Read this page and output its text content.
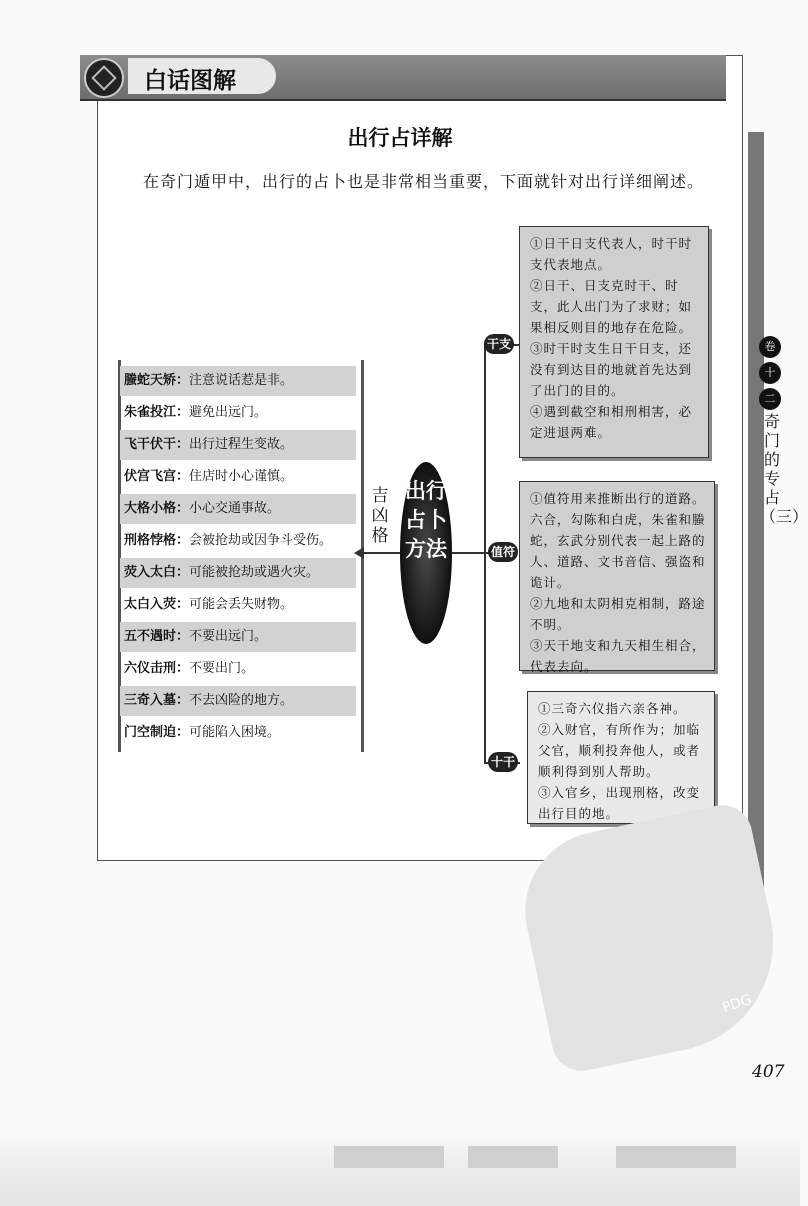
白话图解
出行占详解
在奇门遁甲中，出行的占卜也是非常相当重要，下面就针对出行详细阐述。
螣蛇天矫：注意说话惹是非。
朱雀投江：避免出远门。
飞干伏干：出行过程生变故。
伏宫飞宫：住店时小心谨慎。
大格小格：小心交通事故。
刑格悖格：会被抢劫或因争斗受伤。
荧入太白：可能被抢劫或遇火灾。
太白入荧：可能会丢失财物。
五不遇时：不要出远门。
六仪击刑：不要出门。
三奇入墓：不去凶险的地方。
门空制迫：可能陷入困境。
吉凶格
出行占卜方法
干支
值符
十干

①日干日支代表人，时干时支代表地点。

②日干、日支克时干、时支，此人出门为了求财；如果相反则目的地存在危险。

③时干时支生日干日支，还没有到达目的地就首先达到了出门的目的。

④遇到截空和相刑相害，必定进退两难。

①值符用来推断出行的道路。六合，勾陈和白虎，朱雀和螣蛇，玄武分别代表一起上路的人、道路、文书音信、强盗和诡计。

②九地和太阴相克相制，路途不明。

③天干地支和九天相生相合，代表去向。

①三奇六仪指六亲各神。

②入财官，有所作为；加临父官，顺利投奔他人，或者顺利得到别人帮助。

③入官乡，出现刑格，改变出行目的地。

卷
十
二
奇门的专占（三）
PDG
407
